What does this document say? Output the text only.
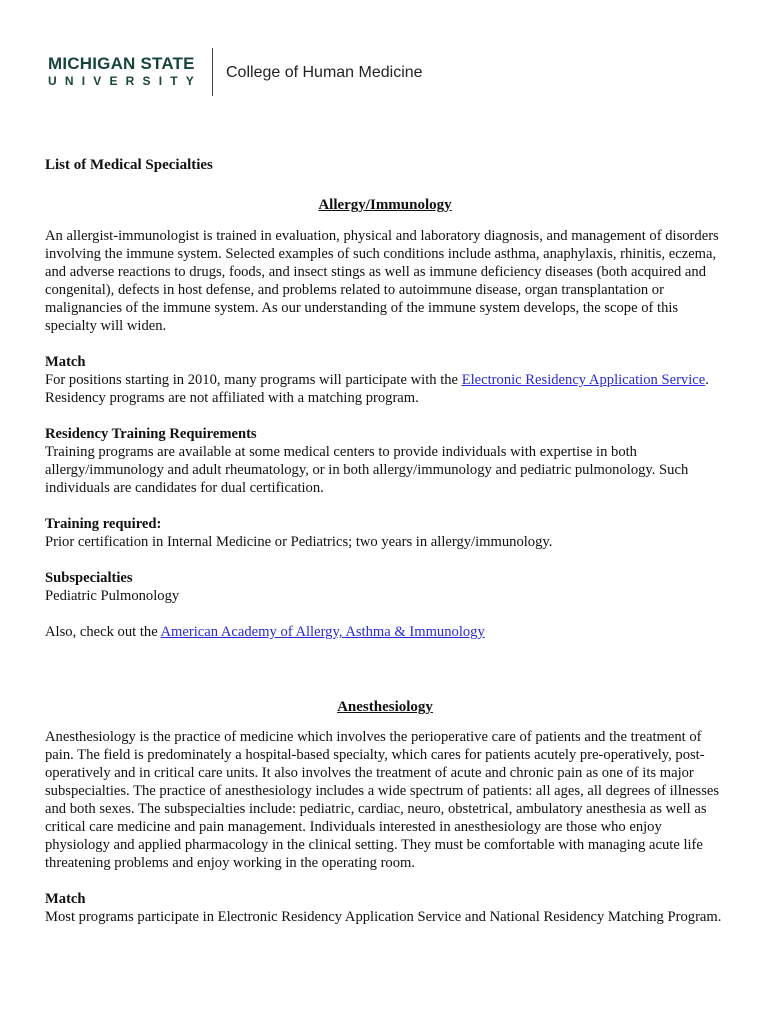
MICHIGAN STATE
UNIVERSITY College of Human Medicine

List of Medical Specialties

Allergy/Immunology

An allergist-immunologist is trained in evaluation, physical and laboratory diagnosis, and management of disorders involving the immune system. Selected examples of such conditions include asthma, anaphylaxis, rhinitis, eczema, and adverse reactions to drugs, foods, and insect stings as well as immune deficiency diseases (both acquired and congenital), defects in host defense, and problems related to autoimmune disease, organ transplantation or malignancies of the immune system. As our understanding of the immune system develops, the scope of this specialty will widen.

Match

For positions starting in 2010, many programs will participate with the Electronic Residency Application Service. Residency programs are not affiliated with a matching program.

Residency Training Requirements

Training programs are available at some medical centers to provide individuals with expertise in both allergy/immunology and adult rheumatology, or in both allergy/immunology and pediatric pulmonology. Such individuals are candidates for dual certification.

Training required:

Prior certification in Internal Medicine or Pediatrics; two years in allergy/immunology.

Subspecialties

Pediatric Pulmonology

Also, check out the American Academy of Allergy, Asthma & Immunology

Anesthesiology

Anesthesiology is the practice of medicine which involves the perioperative care of patients and the treatment of pain. The field is predominately a hospital-based specialty, which cares for patients acutely pre-operatively, post-operatively and in critical care units. It also involves the treatment of acute and chronic pain as one of its major subspecialties. The practice of anesthesiology includes a wide spectrum of patients: all ages, all degrees of illnesses and both sexes. The subspecialties include: pediatric, cardiac, neuro, obstetrical, ambulatory anesthesia as well as critical care medicine and pain management. Individuals interested in anesthesiology are those who enjoy physiology and applied pharmacology in the clinical setting. They must be comfortable with managing acute life threatening problems and enjoy working in the operating room.

Match

Most programs participate in Electronic Residency Application Service and National Residency Matching Program.
